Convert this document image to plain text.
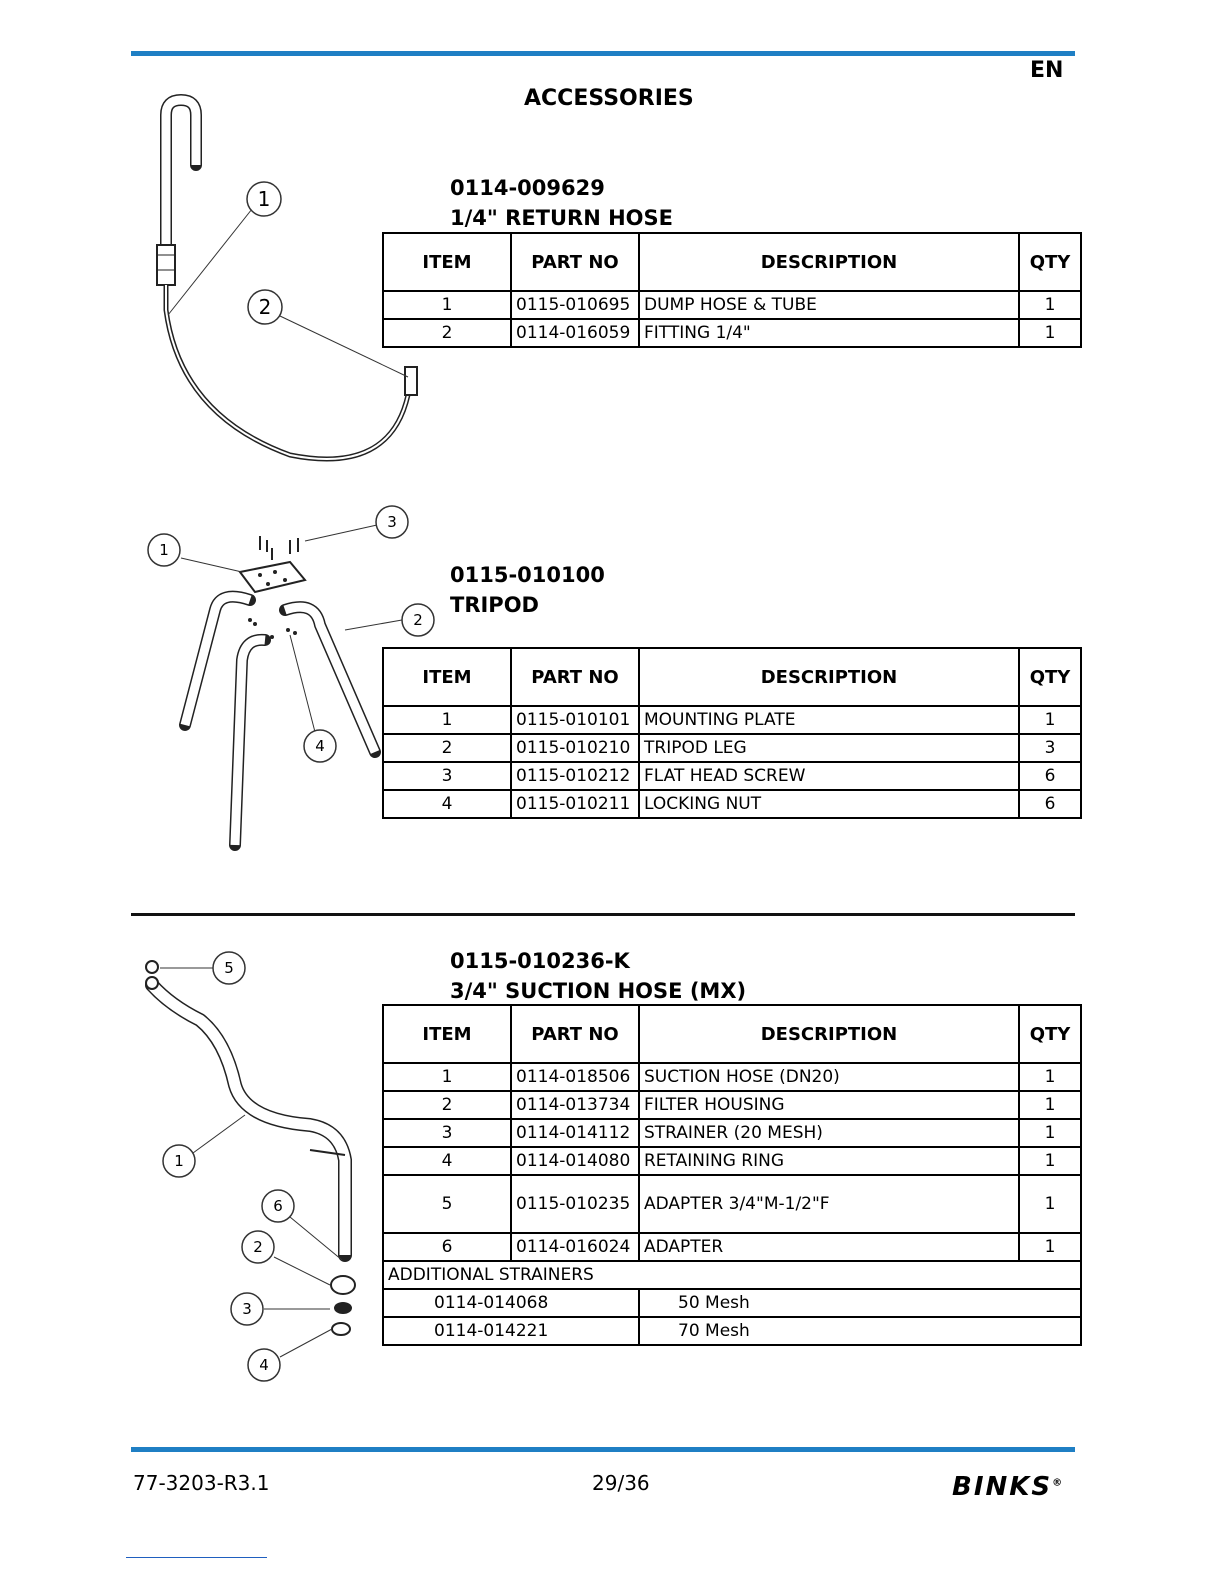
EN
ACCESSORIES
1
2
0114-009629
1/4" RETURN HOSE
ITEM	PART NO	DESCRIPTION	QTY
1	0115-010695	DUMP HOSE & TUBE	1
2	0114-016059	FITTING 1/4"	1
1
2
3
4
0115-010100
TRIPOD
ITEM	PART NO	DESCRIPTION	QTY
1	0115-010101	MOUNTING PLATE	1
2	0115-010210	TRIPOD LEG	3
3	0115-010212	FLAT HEAD SCREW	6
4	0115-010211	LOCKING NUT	6
5
1
6
2
3
4
0115-010236-K
3/4" SUCTION HOSE (MX)
ITEM	PART NO	DESCRIPTION	QTY
1	0114-018506	SUCTION HOSE (DN20)	1
2	0114-013734	FILTER HOUSING	1
3	0114-014112	STRAINER (20 MESH)	1
4	0114-014080	RETAINING RING	1
5	0115-010235	ADAPTER 3/4"M-1/2"F	1
6	0114-016024	ADAPTER	1
ADDITIONAL STRAINERS			
0114-014068		50 Mesh	
0114-014221		70 Mesh	
77-3203-R3.1	29/36	BINKS®
